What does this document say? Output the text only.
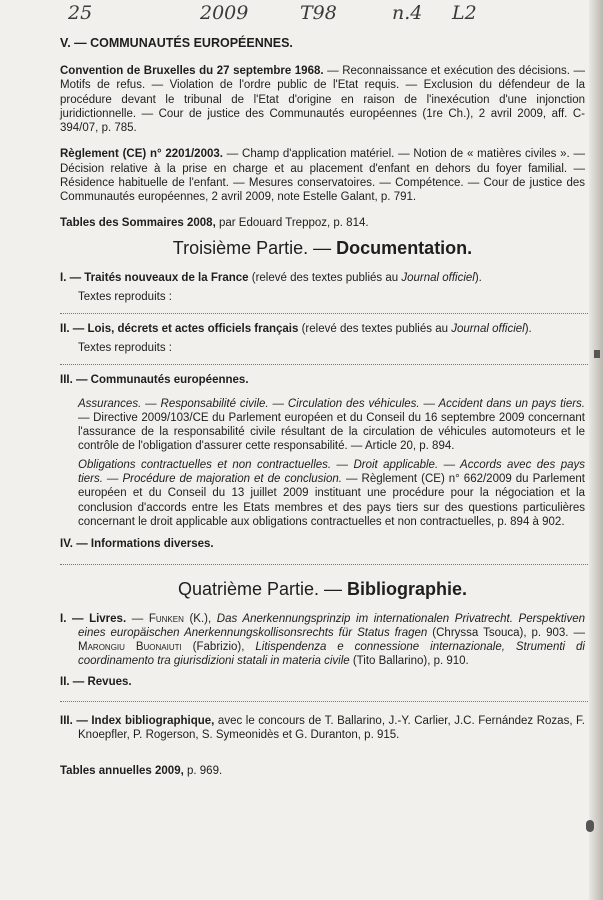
25	2009	T98	n.4 L2
V. — COMMUNAUTÉS EUROPÉENNES.

Convention de Bruxelles du 27 septembre 1968. — Reconnaissance et exécution des décisions. — Motifs de refus. — Violation de l'ordre public de l'Etat requis. — Exclusion du défendeur de la procédure devant le tribunal de l'Etat d'origine en raison de l'inexécution d'une injonction juridictionnelle. — Cour de justice des Communautés européennes (1re Ch.), 2 avril 2009, aff. C-394/07, p. 785.

Règlement (CE) n° 2201/2003. — Champ d'application matériel. — Notion de « matières civiles ». — Décision relative à la prise en charge et au placement d'enfant en dehors du foyer familial. — Résidence habituelle de l'enfant. — Mesures conservatoires. — Compétence. — Cour de justice des Communautés européennes, 2 avril 2009, note Estelle Galant, p. 791.

Tables des Sommaires 2008, par Edouard Treppoz, p. 814.
Troisième Partie. — Documentation.
I. — Traités nouveaux de la France (relevé des textes publiés au Journal officiel).
Textes reproduits :
II. — Lois, décrets et actes officiels français (relevé des textes publiés au Journal officiel).
Textes reproduits :
III. — Communautés européennes.

Assurances. — Responsabilité civile. — Circulation des véhicules. — Accident dans un pays tiers. — Directive 2009/103/CE du Parlement européen et du Conseil du 16 septembre 2009 concernant l'assurance de la responsabilité civile résultant de la circulation de véhicules automoteurs et le contrôle de l'obligation d'assurer cette responsabilité. — Article 20, p. 894.

Obligations contractuelles et non contractuelles. — Droit applicable. — Accords avec des pays tiers. — Procédure de majoration et de conclusion. — Règlement (CE) n° 662/2009 du Parlement européen et du Conseil du 13 juillet 2009 instituant une procédure pour la négociation et la conclusion d'accords entre les Etats membres et des pays tiers sur des questions particulières concernant le droit applicable aux obligations contractuelles et non contractuelles, p. 894 à 902.

IV. — Informations diverses.
Quatrième Partie. — Bibliographie.
I. — Livres. — Funken (K.), Das Anerkennungsprinzip im internationalen Privatrecht. Perspektiven eines europäischen Anerkennungskollisonsrechts für Status fragen (Chryssa Tsouca), p. 903. — Marongiu Buonaiuti (Fabrizio), Litispendenza e connessione internazionale, Strumenti di coordinamento tra giurisdizioni statali in materia civile (Tito Ballarino), p. 910.
II. — Revues.
III. — Index bibliographique, avec le concours de T. Ballarino, J.-Y. Carlier, J.C. Fernández Rozas, F. Knoepfler, P. Rogerson, S. Symeonidès et G. Duranton, p. 915.
Tables annuelles 2009, p. 969.
